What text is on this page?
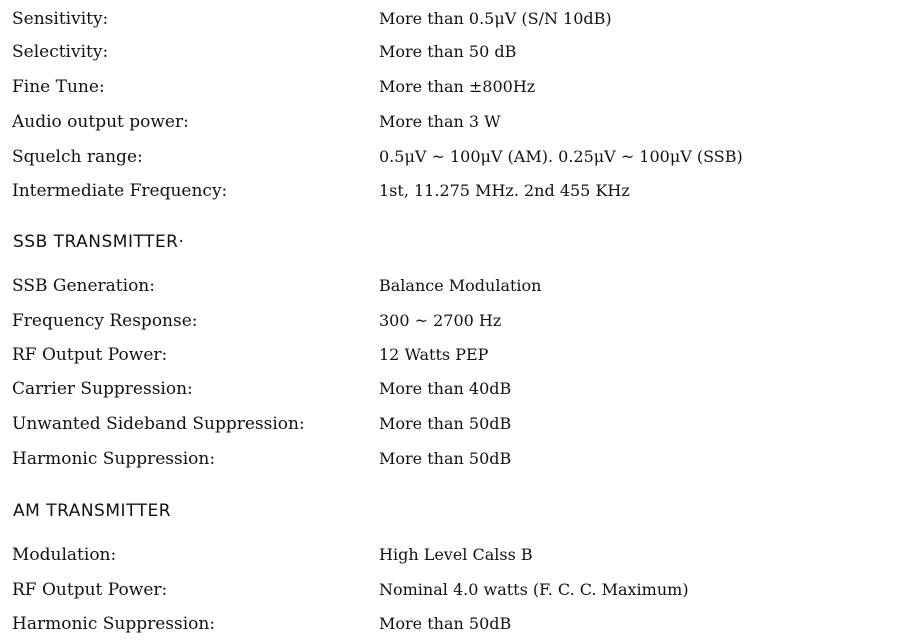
Sensitivity:	More than 0.5μV (S/N 10dB)
Selectivity:	More than 50 dB
Fine Tune:	More than ±800Hz
Audio output power:	More than 3 W
Squelch range:	0.5μV ~ 100μV (AM). 0.25μV ~ 100μV (SSB)
Intermediate Frequency:	1st, 11.275 MHz. 2nd 455 KHz
SSB TRANSMITTER·
SSB Generation:	Balance Modulation
Frequency Response:	300 ~ 2700 Hz
RF Output Power:	12 Watts PEP
Carrier Suppression:	More than 40dB
Unwanted Sideband Suppression:	More than 50dB
Harmonic Suppression:	More than 50dB
AM TRANSMITTER
Modulation:	High Level Calss B
RF Output Power:	Nominal 4.0 watts (F. C. C. Maximum)
Harmonic Suppression:	More than 50dB
